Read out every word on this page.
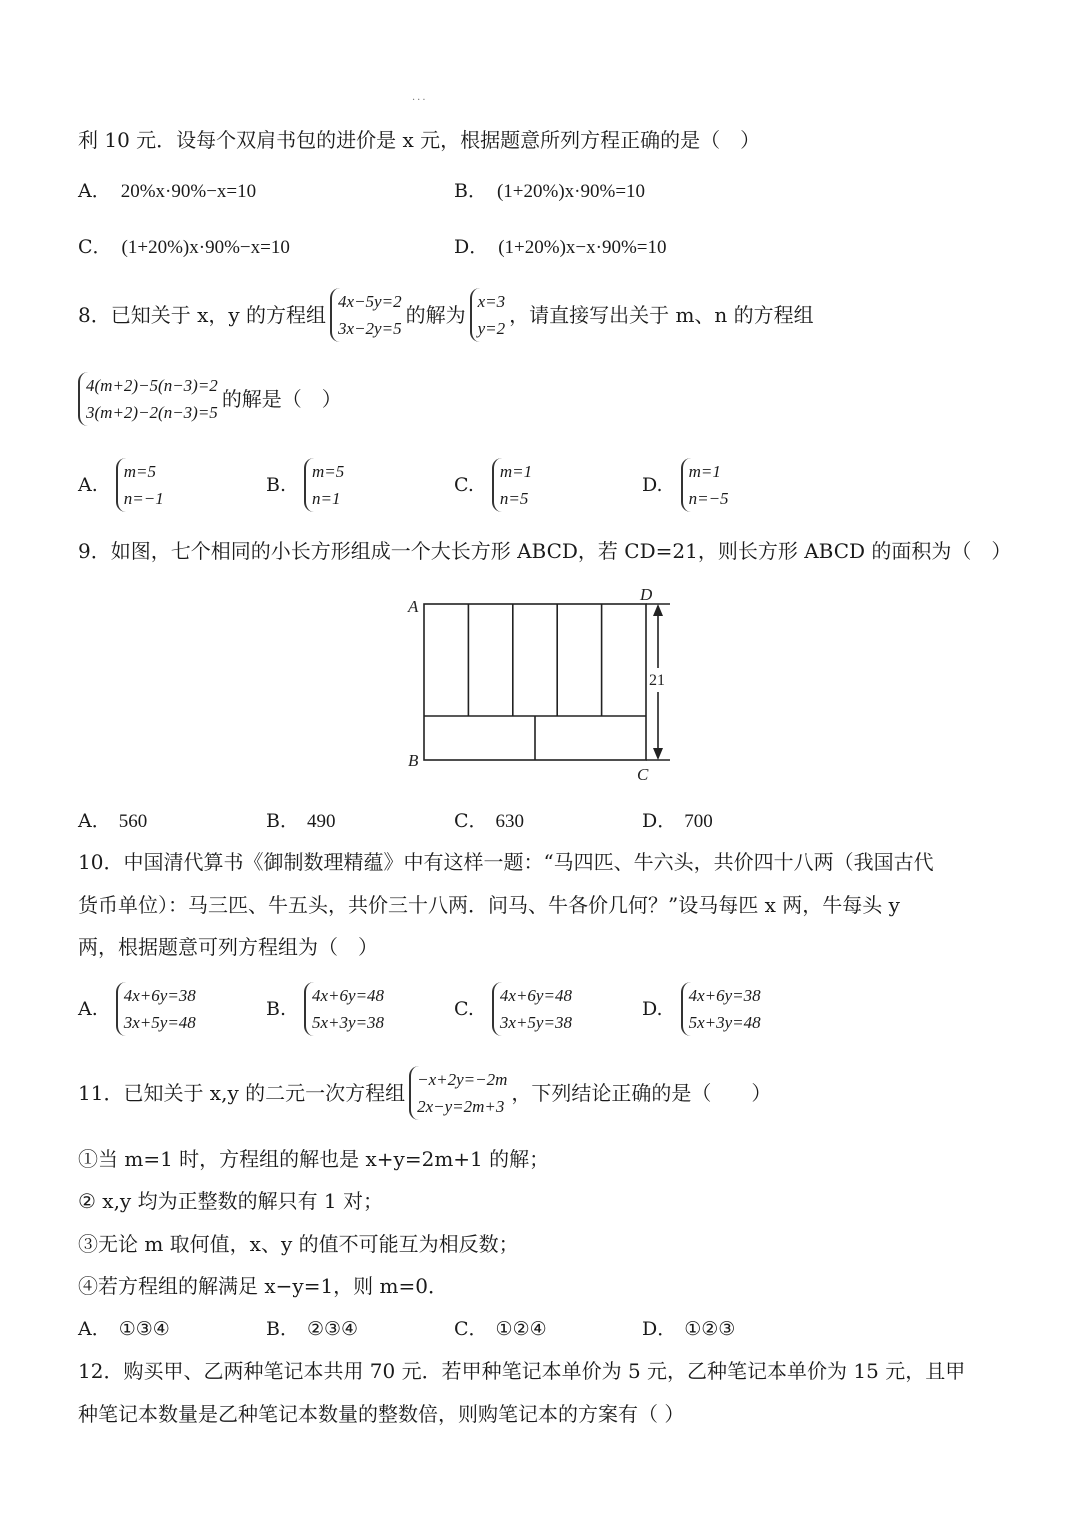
···
利 10 元．设每个双肩书包的进价是 x 元，根据题意所列方程正确的是（　）
A． 20%x·90%−x=10	B． (1+20%)x·90%=10
C． (1+20%)x·90%−x=10	D． (1+20%)x−x·90%=10
8．已知关于 x，y 的方程组
4x−5y=2
3x−2y=5
的解为
x=3
y=2
，请直接写出关于 m、n 的方程组
4(m+2)−5(n−3)=2
3(m+2)−2(n−3)=5
的解是（　）
A.
m=5
n=−1
B.
m=5
n=1
C.
m=1
n=5
D.
m=1
n=−5
9．如图，七个相同的小长方形组成一个大长方形 ABCD，若 CD=21，则长方形 ABCD 的面积为（　）
A
B
C
D
21
A． 560	B． 490	C． 630	D． 700
10．中国清代算书《御制数理精蕴》中有这样一题：“马四匹、牛六头，共价四十八两（我国古代
货币单位）：马三匹、牛五头，共价三十八两．问马、牛各价几何？”设马每匹 x 两，牛每头 y
两，根据题意可列方程组为（　）
A.
4x+6y=38
3x+5y=48
B.
4x+6y=48
5x+3y=38
C.
4x+6y=48
3x+5y=38
D.
4x+6y=38
5x+3y=48
11．已知关于 x,y 的二元一次方程组
−x+2y=−2m
2x−y=2m+3
，下列结论正确的是（　　）
①当 m=1 时，方程组的解也是 x+y=2m+1 的解；
② x,y 均为正整数的解只有 1 对；
③无论 m 取何值，x、y 的值不可能互为相反数；
④若方程组的解满足 x−y=1，则 m=0．
A． ①③④	B． ②③④	C． ①②④	D． ①②③
12．购买甲、乙两种笔记本共用 70 元．若甲种笔记本单价为 5 元，乙种笔记本单价为 15 元，且甲
种笔记本数量是乙种笔记本数量的整数倍，则购笔记本的方案有（ ）
